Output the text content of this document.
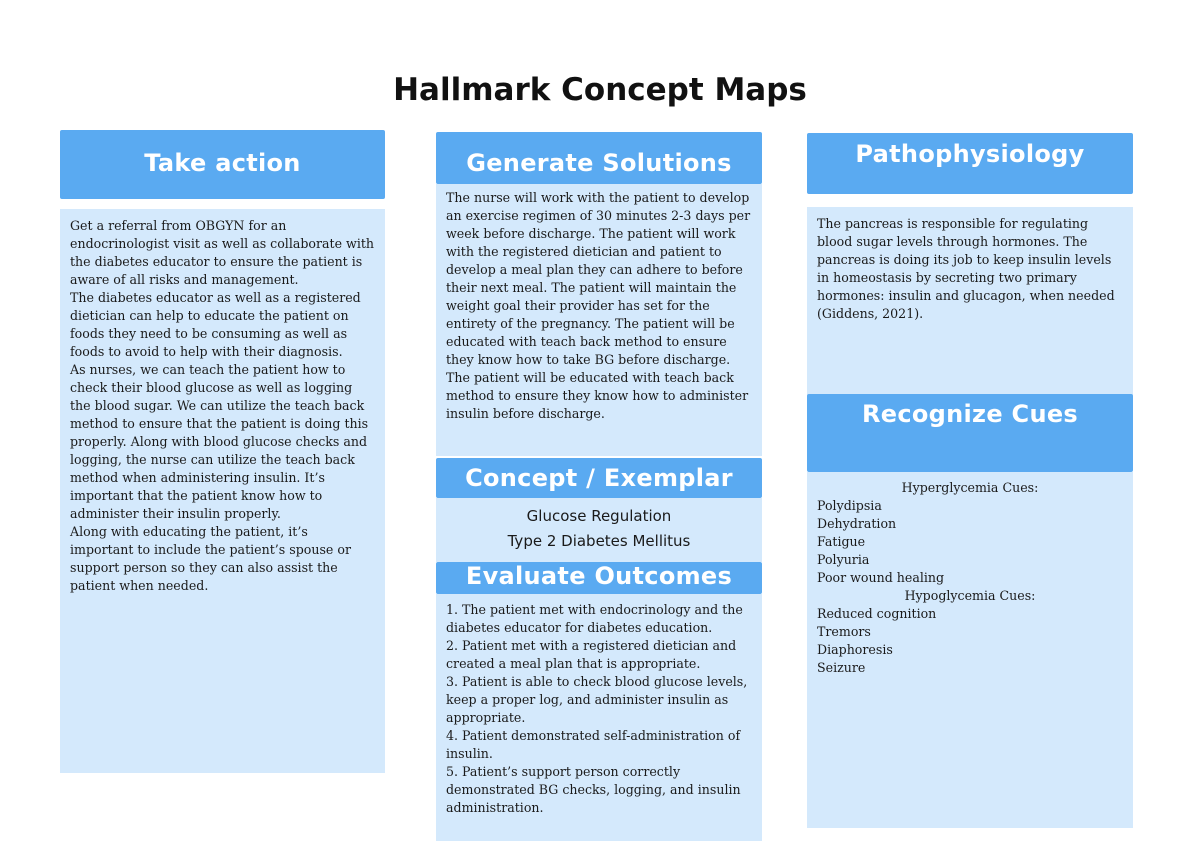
Hallmark Concept Maps
Take action
Get a referral from OBGYN for an endocrinologist visit as well as collaborate with the diabetes educator to ensure the patient is aware of all risks and management.
The diabetes educator as well as a registered dietician can help to educate the patient on foods they need to be consuming as well as foods to avoid to help with their diagnosis.
As nurses, we can teach the patient how to check their blood glucose as well as logging the blood sugar. We can utilize the teach back method to ensure that the patient is doing this properly. Along with blood glucose checks and logging, the nurse can utilize the teach back method when administering insulin. It’s important that the patient know how to administer their insulin properly.
Along with educating the patient, it’s important to include the patient’s spouse or support person so they can also assist the patient when needed.
The nurse will work with the patient to develop an exercise regimen of 30 minutes 2-3 days per week before discharge. The patient will work with the registered dietician and patient to develop a meal plan they can adhere to before their next meal. The patient will maintain the weight goal their provider has set for the entirety of the pregnancy. The patient will be educated with teach back method to ensure they know how to take BG before discharge. The patient will be educated with teach back method to ensure they know how to administer insulin before discharge.
Generate Solutions
Concept / Exemplar
Glucose Regulation
Type 2 Diabetes Mellitus
Evaluate Outcomes
1. The patient met with endocrinology and the diabetes educator for diabetes education.
2. Patient met with a registered dietician and created a meal plan that is appropriate.
3. Patient is able to check blood glucose levels, keep a proper log, and administer insulin as appropriate.
4. Patient demonstrated self-administration of insulin.
5. Patient’s support person correctly demonstrated BG checks, logging, and insulin administration.
Pathophysiology
The pancreas is responsible for regulating blood sugar levels through hormones. The pancreas is doing its job to keep insulin levels in homeostasis by secreting two primary hormones: insulin and glucagon, when needed (Giddens, 2021).
Recognize Cues
Hyperglycemia Cues:
Polydipsia
Dehydration
Fatigue
Polyuria
Poor wound healing
Hypoglycemia Cues:
Reduced cognition
Tremors
Diaphoresis
Seizure
